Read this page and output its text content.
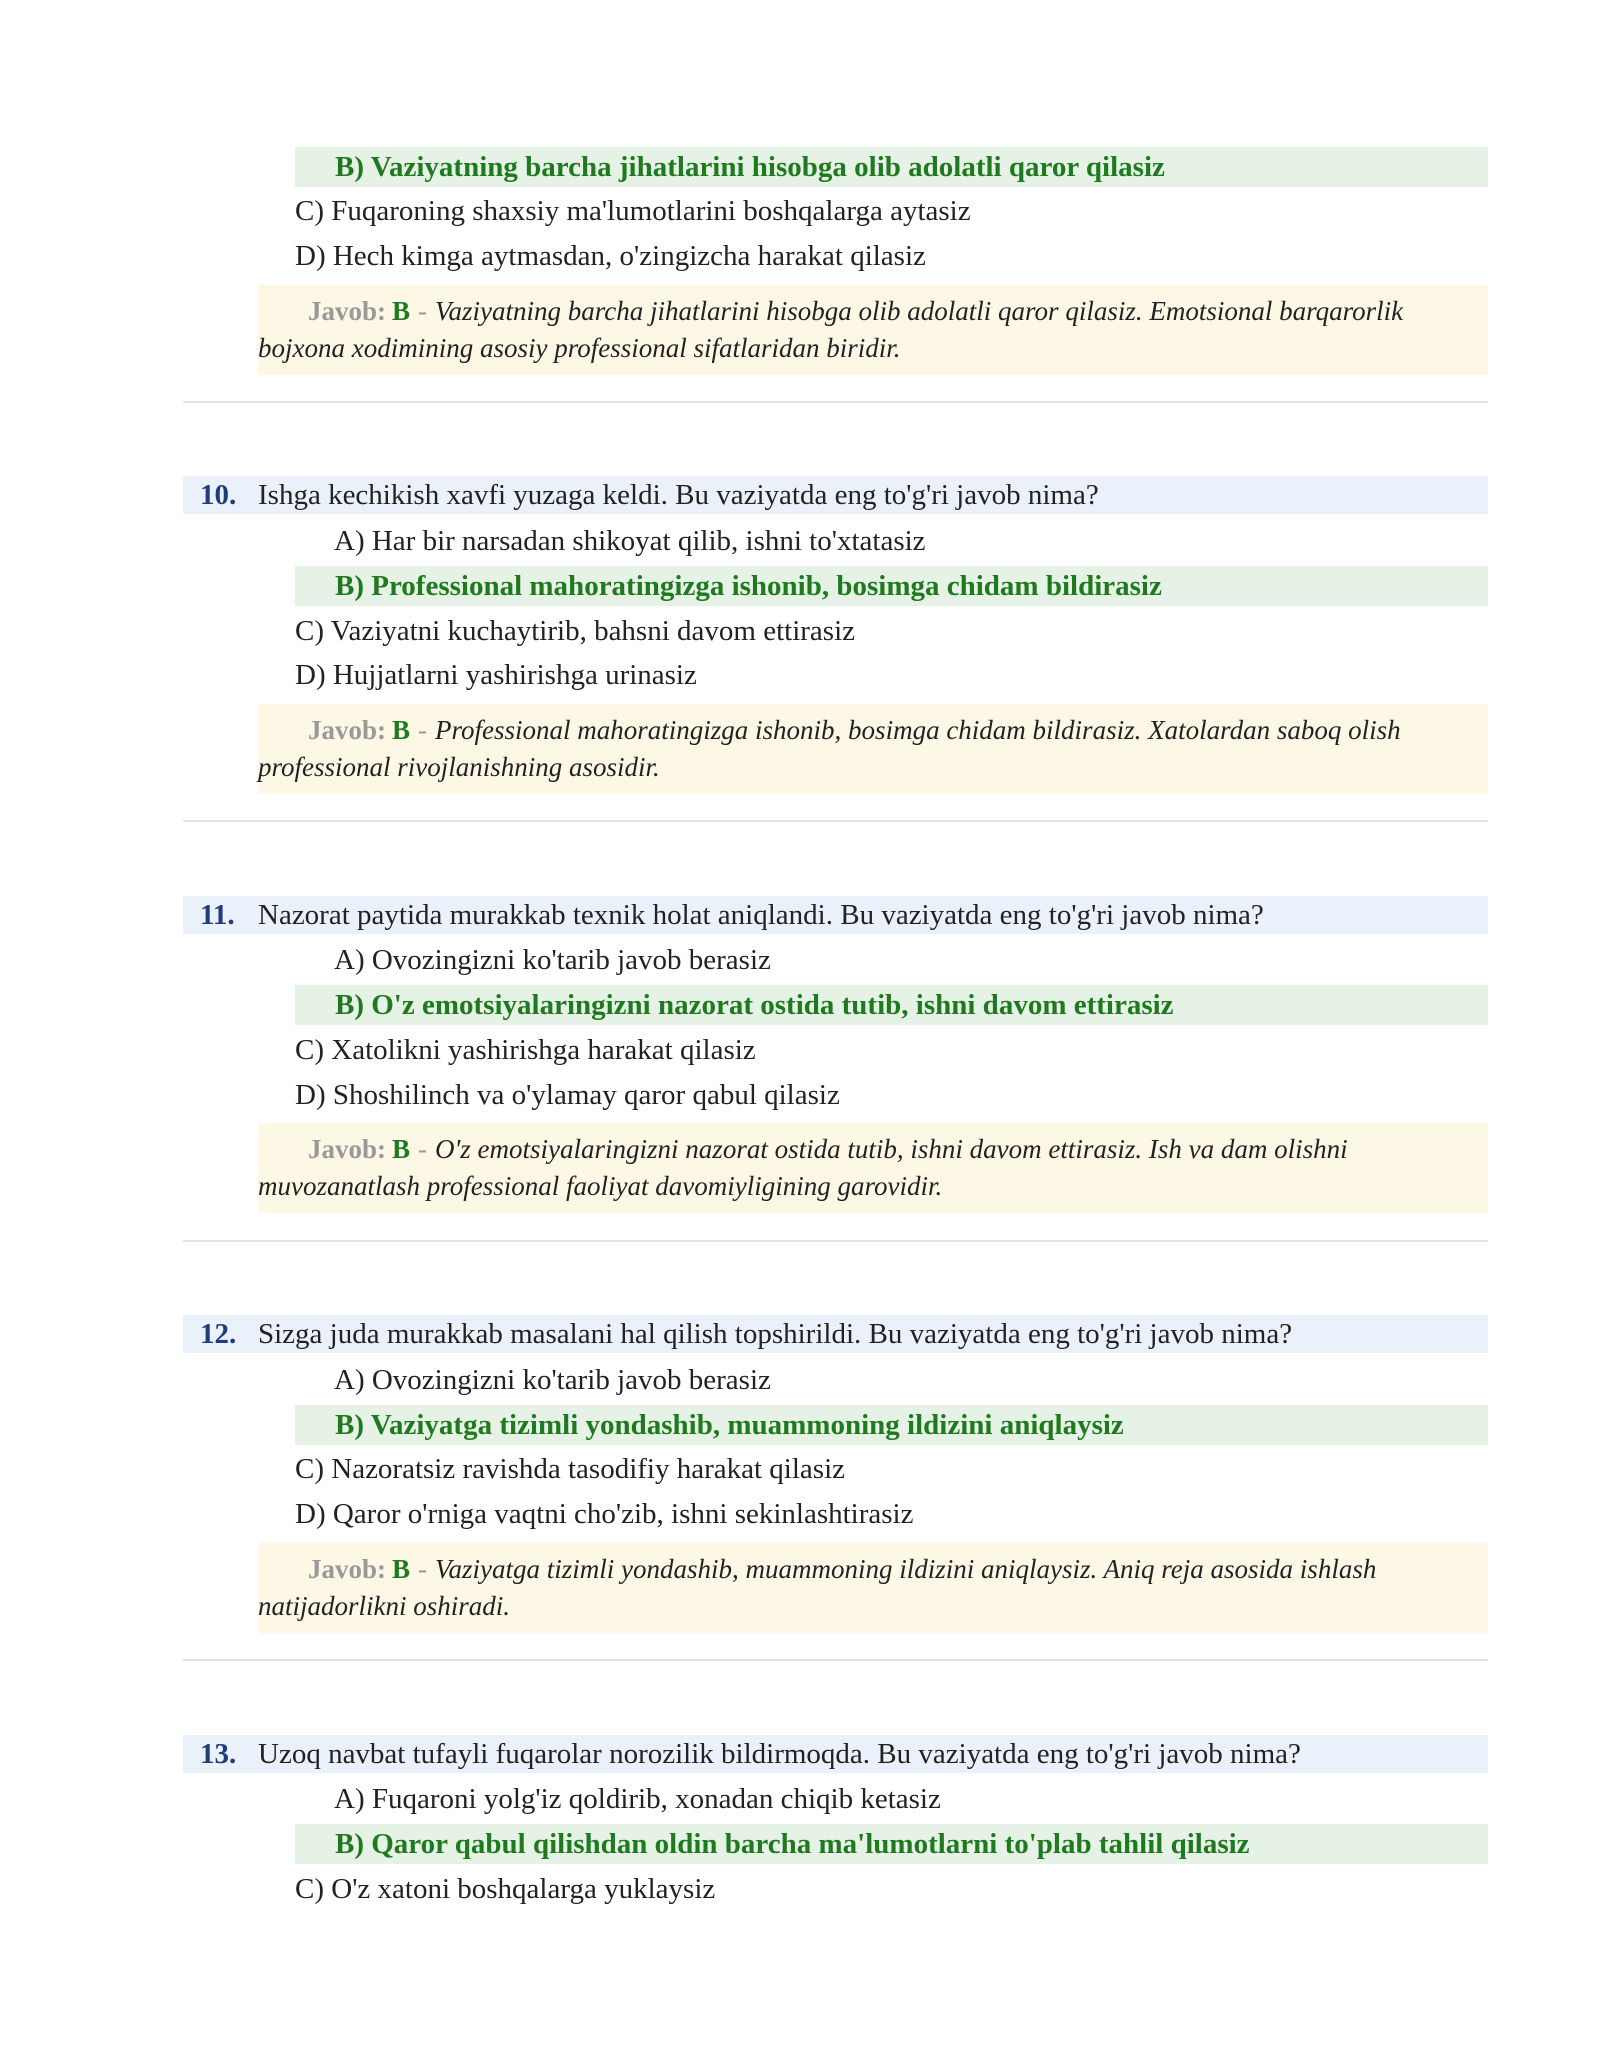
B) Vaziyatning barcha jihatlarini hisobga olib adolatli qaror qilasiz
C) Fuqaroning shaxsiy ma'lumotlarini boshqalarga aytasiz
D) Hech kimga aytmasdan, o'zingizcha harakat qilasiz
Javob: B - Vaziyatning barcha jihatlarini hisobga olib adolatli qaror qilasiz. Emotsional barqarorlik bojxona xodimining asosiy professional sifatlaridan biridir.
10. Ishga kechikish xavfi yuzaga keldi. Bu vaziyatda eng to'g'ri javob nima?
A) Har bir narsadan shikoyat qilib, ishni to'xtatasiz
B) Professional mahoratingizga ishonib, bosimga chidam bildirasiz
C) Vaziyatni kuchaytirib, bahsni davom ettirasiz
D) Hujjatlarni yashirishga urinasiz
Javob: B - Professional mahoratingizga ishonib, bosimga chidam bildirasiz. Xatolardan saboq olish professional rivojlanishning asosidir.
11. Nazorat paytida murakkab texnik holat aniqlandi. Bu vaziyatda eng to'g'ri javob nima?
A) Ovozingizni ko'tarib javob berasiz
B) O'z emotsiyalaringizni nazorat ostida tutib, ishni davom ettirasiz
C) Xatolikni yashirishga harakat qilasiz
D) Shoshilinch va o'ylamay qaror qabul qilasiz
Javob: B - O'z emotsiyalaringizni nazorat ostida tutib, ishni davom ettirasiz. Ish va dam olishni muvozanatlash professional faoliyat davomiyligining garovidir.
12. Sizga juda murakkab masalani hal qilish topshirildi. Bu vaziyatda eng to'g'ri javob nima?
A) Ovozingizni ko'tarib javob berasiz
B) Vaziyatga tizimli yondashib, muammoning ildizini aniqlaysiz
C) Nazoratsiz ravishda tasodifiy harakat qilasiz
D) Qaror o'rniga vaqtni cho'zib, ishni sekinlashtirasiz
Javob: B - Vaziyatga tizimli yondashib, muammoning ildizini aniqlaysiz. Aniq reja asosida ishlash natijadorlikni oshiradi.
13. Uzoq navbat tufayli fuqarolar norozilik bildirmoqda. Bu vaziyatda eng to'g'ri javob nima?
A) Fuqaroni yolg'iz qoldirib, xonadan chiqib ketasiz
B) Qaror qabul qilishdan oldin barcha ma'lumotlarni to'plab tahlil qilasiz
C) O'z xatoni boshqalarga yuklaysiz
